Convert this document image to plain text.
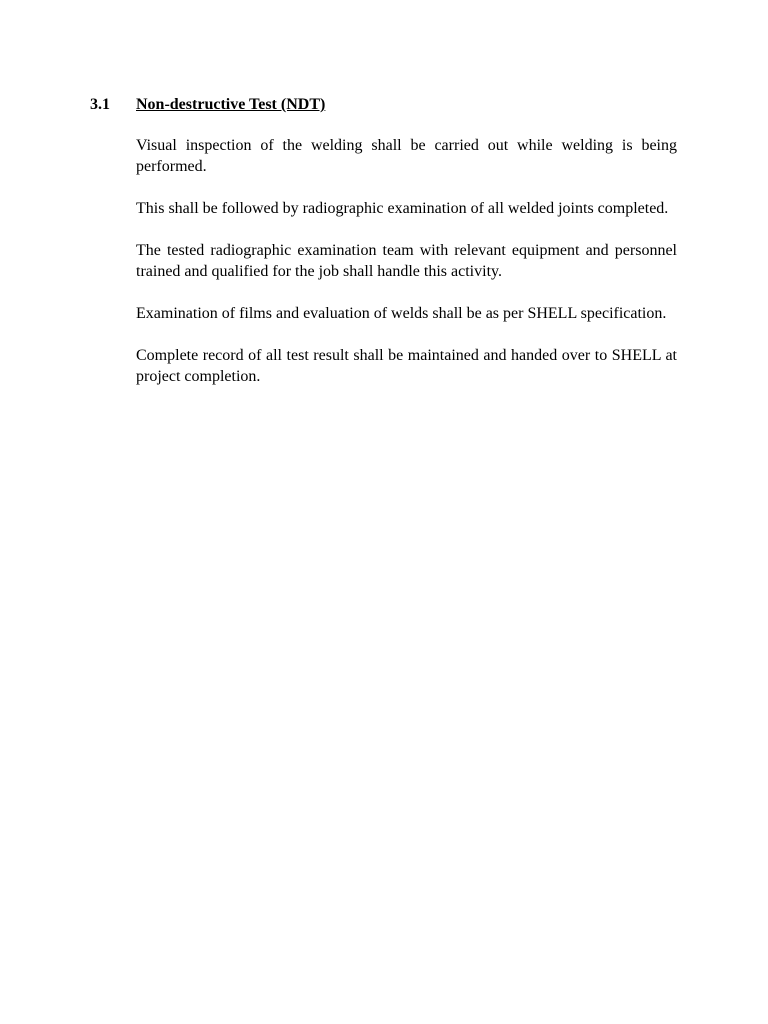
3.1 Non-destructive Test (NDT)

Visual inspection of the welding shall be carried out while welding is being performed.

This shall be followed by radiographic examination of all welded joints completed.

The tested radiographic examination team with relevant equipment and personnel trained and qualified for the job shall handle this activity.

Examination of films and evaluation of welds shall be as per SHELL specification.

Complete record of all test result shall be maintained and handed over to SHELL at project completion.
